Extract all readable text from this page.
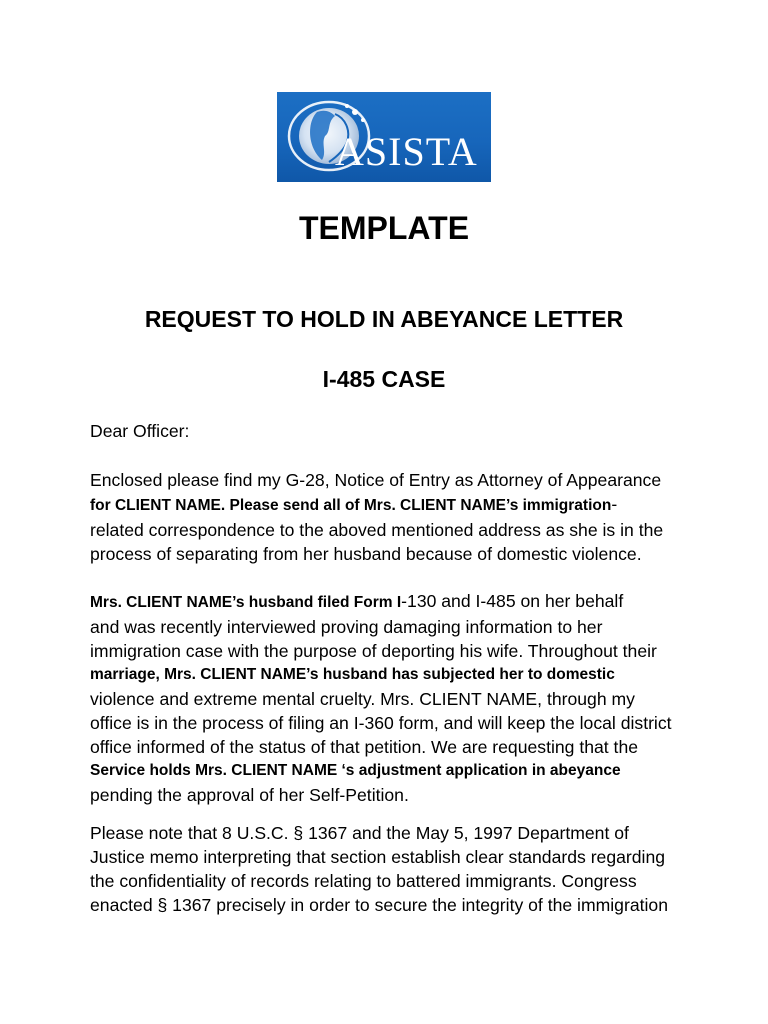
ASISTA
TEMPLATE
REQUEST TO HOLD IN ABEYANCE LETTER
I-485 CASE
Dear Officer:
Enclosed please find my G-28, Notice of Entry as Attorney of Appearance
for CLIENT NAME. Please send all of Mrs. CLIENT NAME’s immigration-
related correspondence to the aboved mentioned address as she is in the
process of separating from her husband because of domestic violence.
Mrs. CLIENT NAME’s husband filed Form I-130 and I-485 on her behalf
and was recently interviewed proving damaging information to her
immigration case with the purpose of deporting his wife. Throughout their
marriage, Mrs. CLIENT NAME’s husband has subjected her to domestic
violence and extreme mental cruelty. Mrs. CLIENT NAME, through my
office is in the process of filing an I-360 form, and will keep the local district
office informed of the status of that petition. We are requesting that the
Service holds Mrs. CLIENT NAME ‘s adjustment application in abeyance
pending the approval of her Self-Petition.
Please note that 8 U.S.C. § 1367 and the May 5, 1997 Department of
Justice memo interpreting that section establish clear standards regarding
the confidentiality of records relating to battered immigrants. Congress
enacted § 1367 precisely in order to secure the integrity of the immigration
